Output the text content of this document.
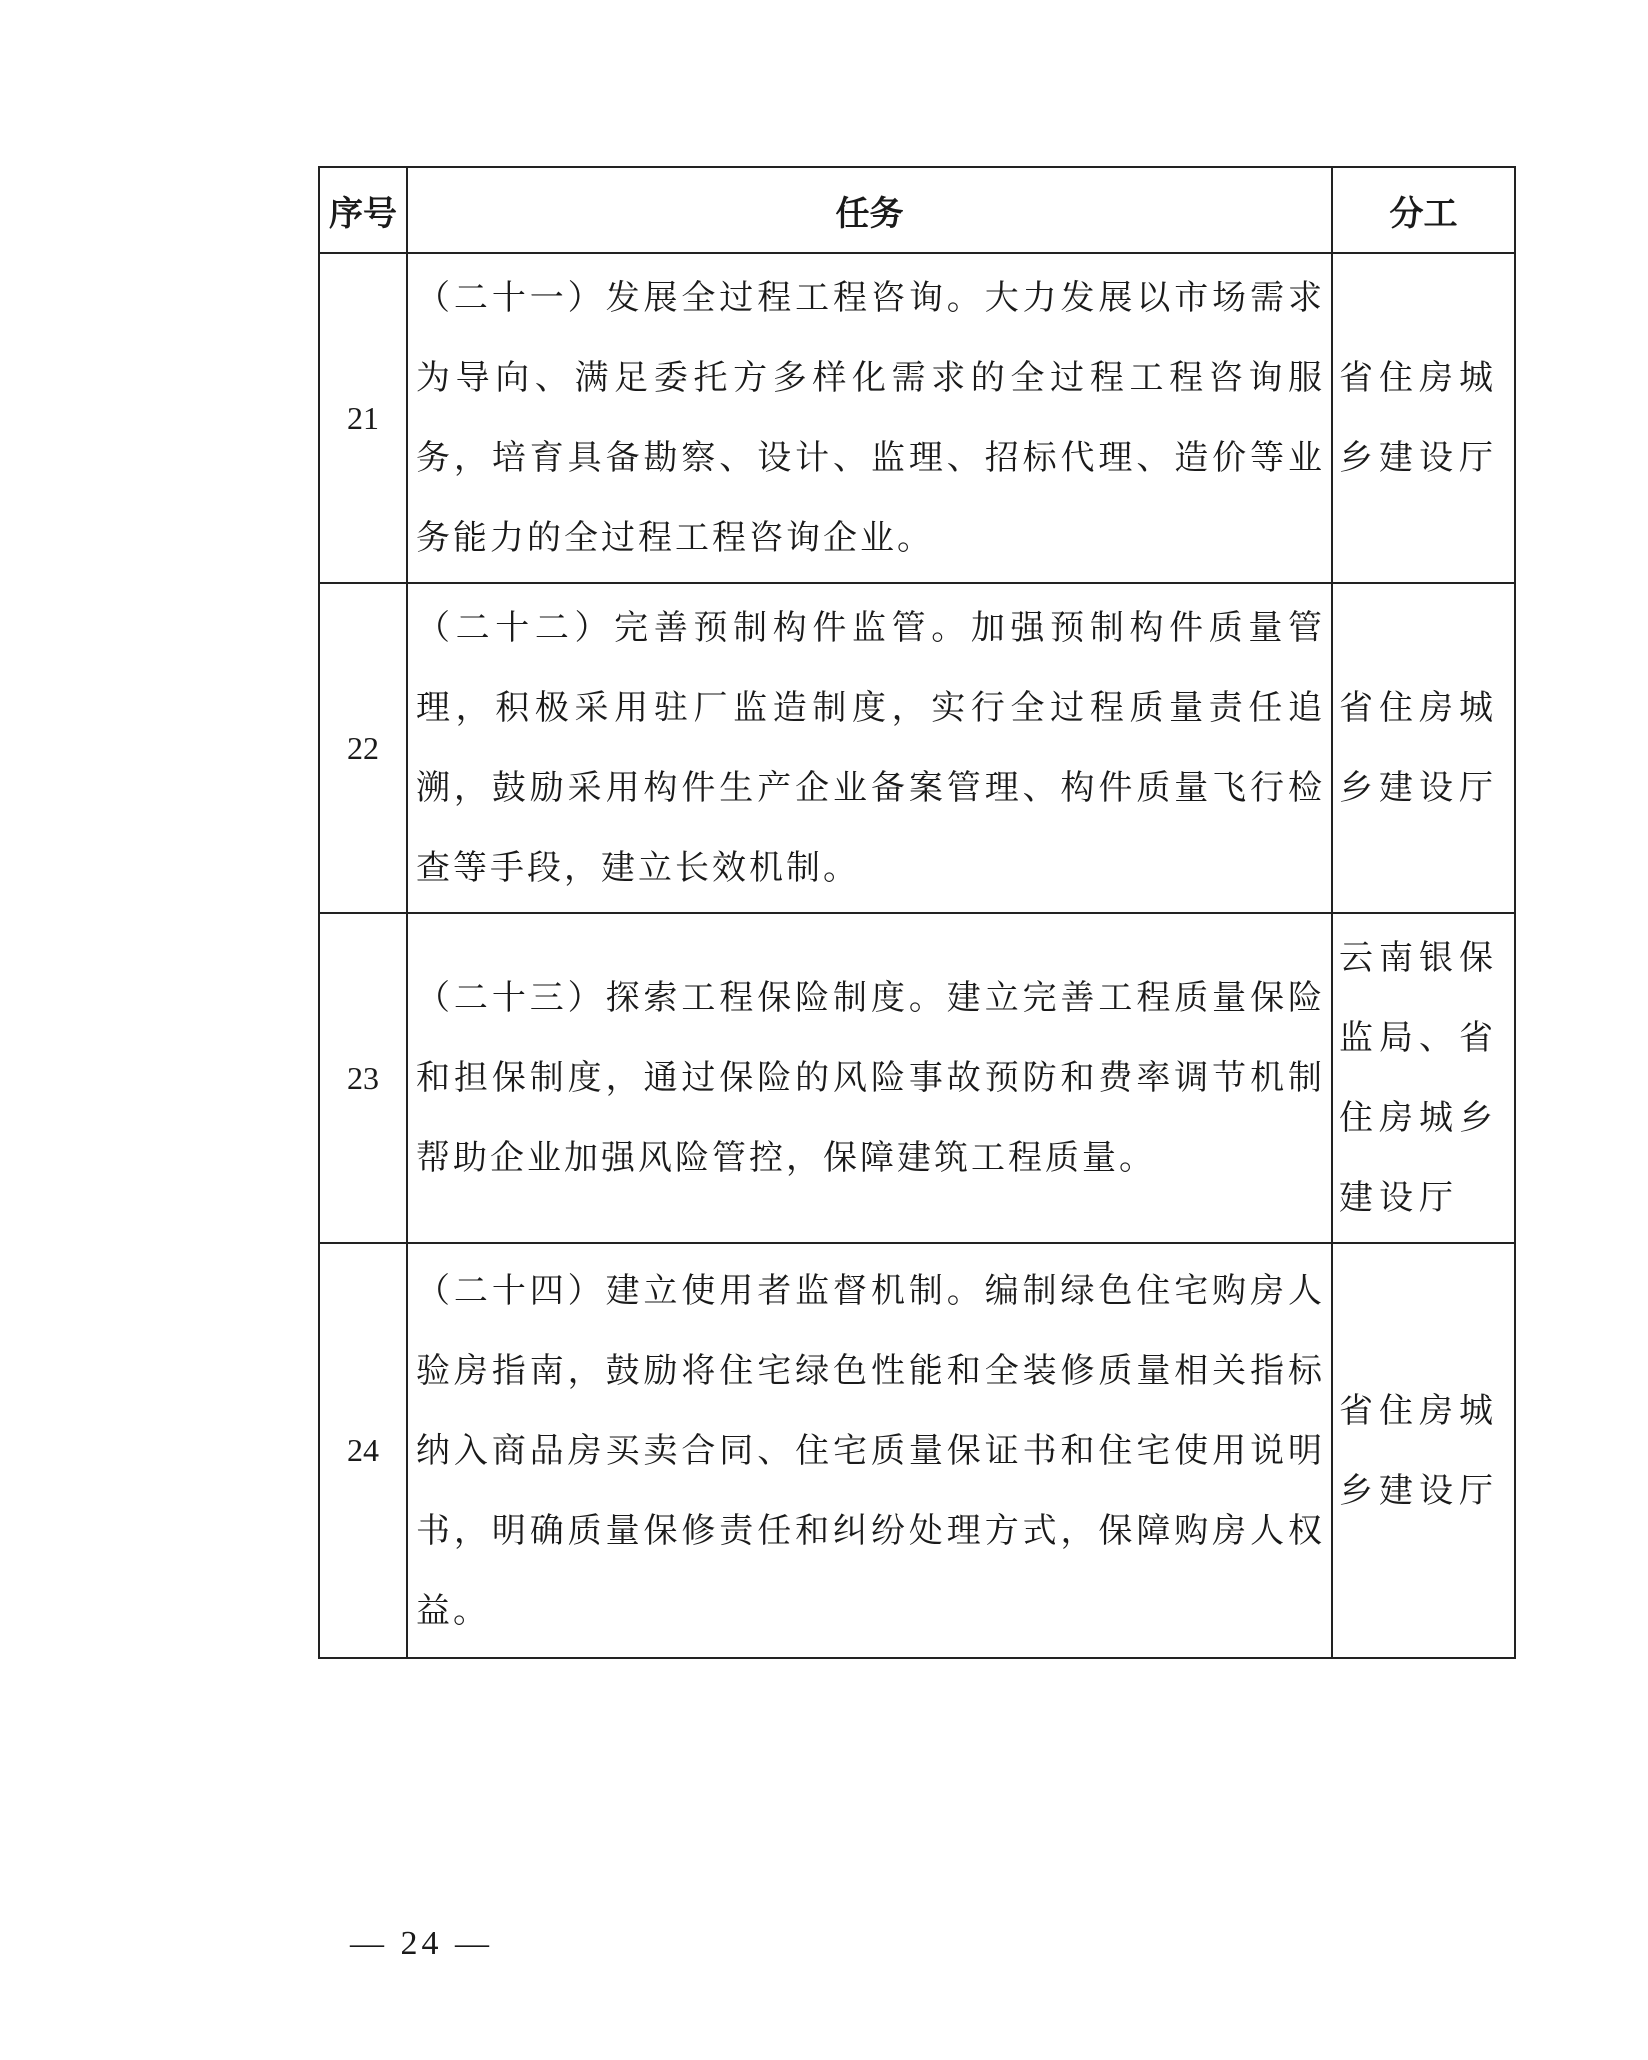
序号	任务	分工
21	（二十一）发展全过程工程咨询。大力发展以市场需求为导向、满足委托方多样化需求的全过程工程咨询服务，培育具备勘察、设计、监理、招标代理、造价等业务能力的全过程工程咨询企业。	省住房城乡建设厅
22	（二十二）完善预制构件监管。加强预制构件质量管理，积极采用驻厂监造制度，实行全过程质量责任追溯，鼓励采用构件生产企业备案管理、构件质量飞行检查等手段，建立长效机制。	省住房城乡建设厅
23	（二十三）探索工程保险制度。建立完善工程质量保险和担保制度，通过保险的风险事故预防和费率调节机制帮助企业加强风险管控，保障建筑工程质量。	云南银保监局、省住房城乡建设厅
24	（二十四）建立使用者监督机制。编制绿色住宅购房人验房指南，鼓励将住宅绿色性能和全装修质量相关指标纳入商品房买卖合同、住宅质量保证书和住宅使用说明书，明确质量保修责任和纠纷处理方式，保障购房人权益。	省住房城乡建设厅
— 24 —
